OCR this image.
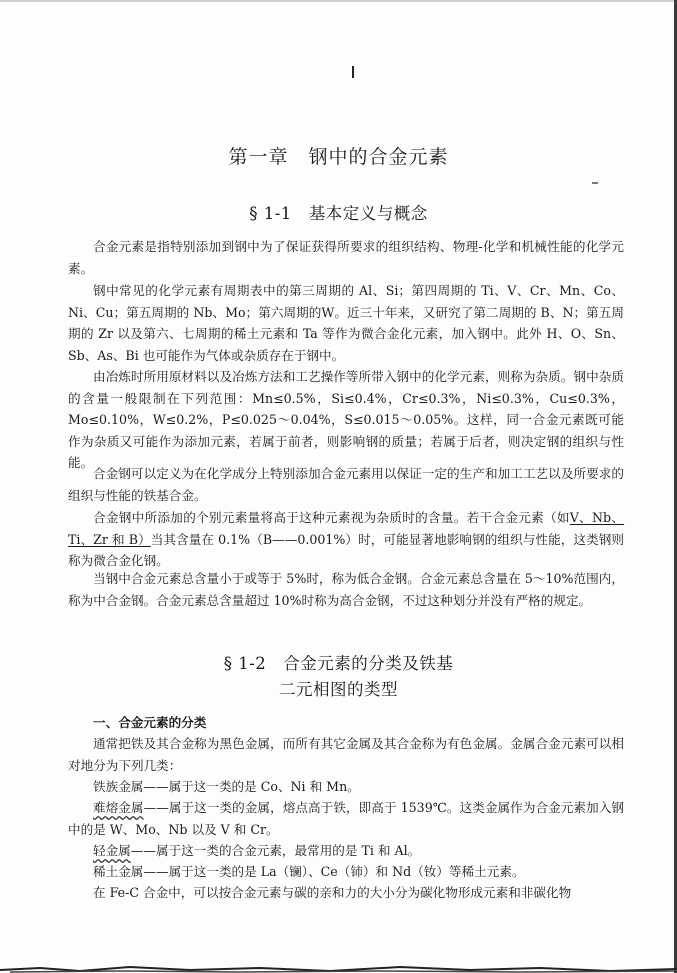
第一章　钢中的合金元素
§ 1-1　基本定义与概念

合金元素是指特别添加到钢中为了保证获得所要求的组织结构、物理-化学和机械性能的化学元素。

钢中常见的化学元素有周期表中的第三周期的 Al、Si；第四周期的 Ti、V、Cr、Mn、Co、Ni、Cu；第五周期的 Nb、Mo；第六周期的W。近三十年来，又研究了第二周期的 B、N；第五周期的 Zr 以及第六、七周期的稀土元素和 Ta 等作为微合金化元素，加入钢中。此外 H、O、Sn、Sb、As、Bi 也可能作为气体或杂质存在于钢中。

由冶炼时所用原材料以及冶炼方法和工艺操作等所带入钢中的化学元素，则称为杂质。钢中杂质的含量一般限制在下列范围：Mn≤0.5%，Si≤0.4%，Cr≤0.3%，Ni≤0.3%，Cu≤0.3%，Mo≤0.10%，W≤0.2%，P≤0.025～0.04%，S≤0.015～0.05%。这样，同一合金元素既可能作为杂质又可能作为添加元素，若属于前者，则影响钢的质量；若属于后者，则决定钢的组织与性能。

合金钢可以定义为在化学成分上特别添加合金元素用以保证一定的生产和加工工艺以及所要求的组织与性能的铁基合金。

合金钢中所添加的个别元素量将高于这种元素视为杂质时的含量。若干合金元素（如V、Nb、Ti、Zr 和 B）当其含量在 0.1%（B——0.001%）时，可能显著地影响钢的组织与性能，这类钢则称为微合金化钢。

当钢中合金元素总含量小于或等于 5%时，称为低合金钢。合金元素总含量在 5～10%范围内，称为中合金钢。合金元素总含量超过 10%时称为高合金钢，不过这种划分并没有严格的规定。

§ 1-2　合金元素的分类及铁基
二元相图的类型
一、合金元素的分类

通常把铁及其合金称为黑色金属，而所有其它金属及其合金称为有色金属。金属合金元素可以相对地分为下列几类：

铁族金属——属于这一类的是 Co、Ni 和 Mn。

难熔金属——属于这一类的金属，熔点高于铁，即高于 1539℃。这类金属作为合金元素加入钢中的是 W、Mo、Nb 以及 V 和 Cr。

轻金属——属于这一类的合金元素，最常用的是 Ti 和 Al。

稀土金属——属于这一类的是 La（镧）、Ce（铈）和 Nd（钕）等稀土元素。

在 Fe-C 合金中，可以按合金元素与碳的亲和力的大小分为碳化物形成元素和非碳化物
